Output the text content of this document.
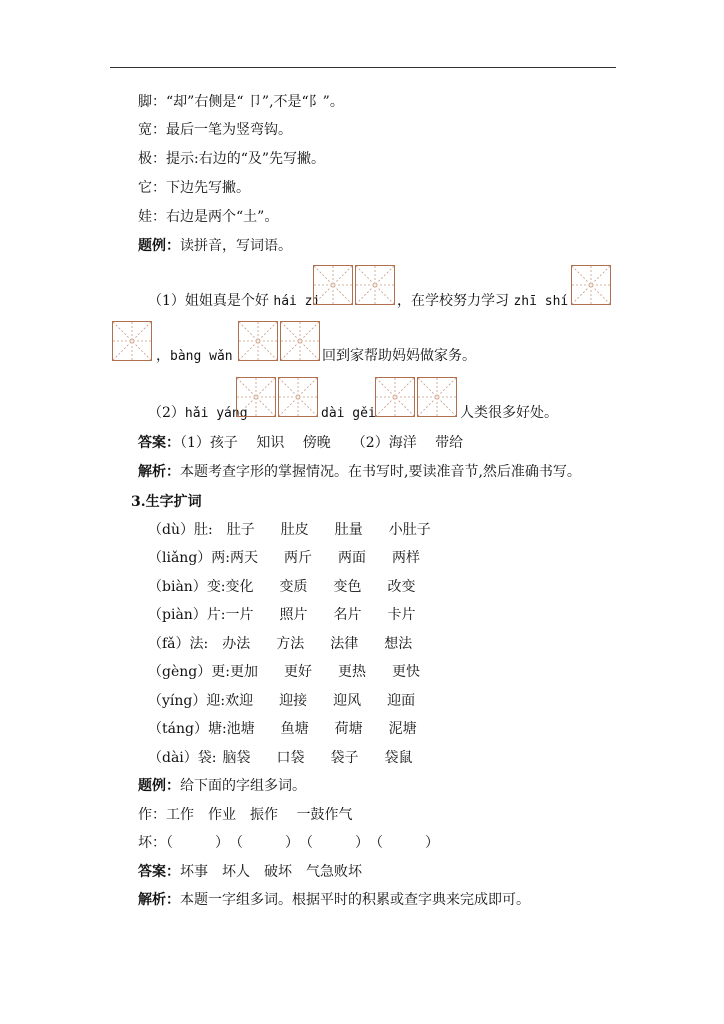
脚：“却”右侧是“ 卩”,不是“阝”。
宽：最后一笔为竖弯钩。
极：提示:右边的“及”先写撇。
它：下边先写撇。
娃：右边是两个“土”。
题例：读拼音，写词语。
（1）姐姐真是个好 hái zi	，在学校努力学习 zhī shí
，bàng wǎn	回到家帮助妈妈做家务。
（2）hǎi yáng	dài gěi	人类很多好处。
答案：（1）孩子　 知识　 傍晚　　（2）海洋　 带给
解析：本题考查字形的掌握情况。在书写时,要读准音节,然后准确书写。
3.生字扩词
（dù）肚: 肚子 肚皮 肚量 小肚子
（liǎng）两:两天 两斤 两面 两样
（biàn）变:变化 变质 变色 改变
（piàn）片:一片 照片 名片 卡片
（fǎ）法: 办法 方法 法律 想法
（gèng）更:更加 更好 更热 更快
（yíng）迎:欢迎 迎接 迎风 迎面
（táng）塘:池塘 鱼塘 荷塘 泥塘
（dài）袋: 脑袋 口袋 袋子 袋鼠
题例：给下面的字组多词。
作：工作　作业　振作　 一鼓作气
坏：（　　　）　（　　　）　（　　　）　（　　　）
答案：坏事　坏人　破坏　气急败坏
解析：本题一字组多词。根据平时的积累或查字典来完成即可。
